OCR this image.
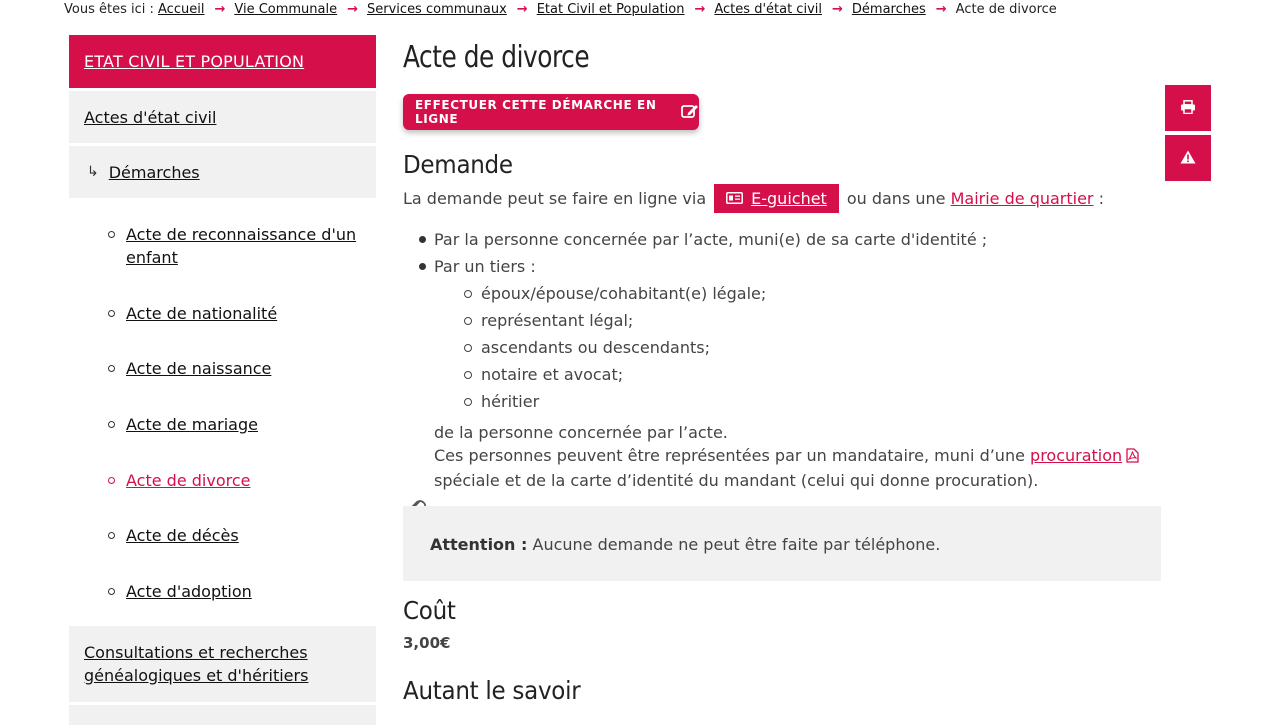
Vous êtes ici : Accueil → Vie Communale → Services communaux → Etat Civil et Population → Actes d'état civil → Démarches → Acte de divorce
ETAT CIVIL ET POPULATION
Actes d'état civil
↳ Démarches
Acte de reconnaissance d'un enfant
Acte de nationalité
Acte de naissance
Acte de mariage
Acte de divorce
Acte de décès
Acte d'adoption
Consultations et recherches généalogiques et d'héritiers
Acte de divorce
EFFECTUER CETTE DÉMARCHE EN LIGNE
Demande
La demande peut se faire en ligne via	E-guichet ou dans une
Mairie de quartier
:
Par la personne concernée par l’acte, muni(e) de sa carte d'identité ;
Par un tiers :
époux/épouse/cohabitant(e) légale;
représentant légal;
ascendants ou descendants;
notaire et avocat;
héritier
de la personne concernée par l’acte.
Ces personnes peuvent être représentées par un mandataire, muni d’une procuration spéciale et de la carte d’identité du mandant (celui qui donne procuration).

Attention : Aucune demande ne peut être faite par téléphone.

Coût
3,00€
Autant le savoir
